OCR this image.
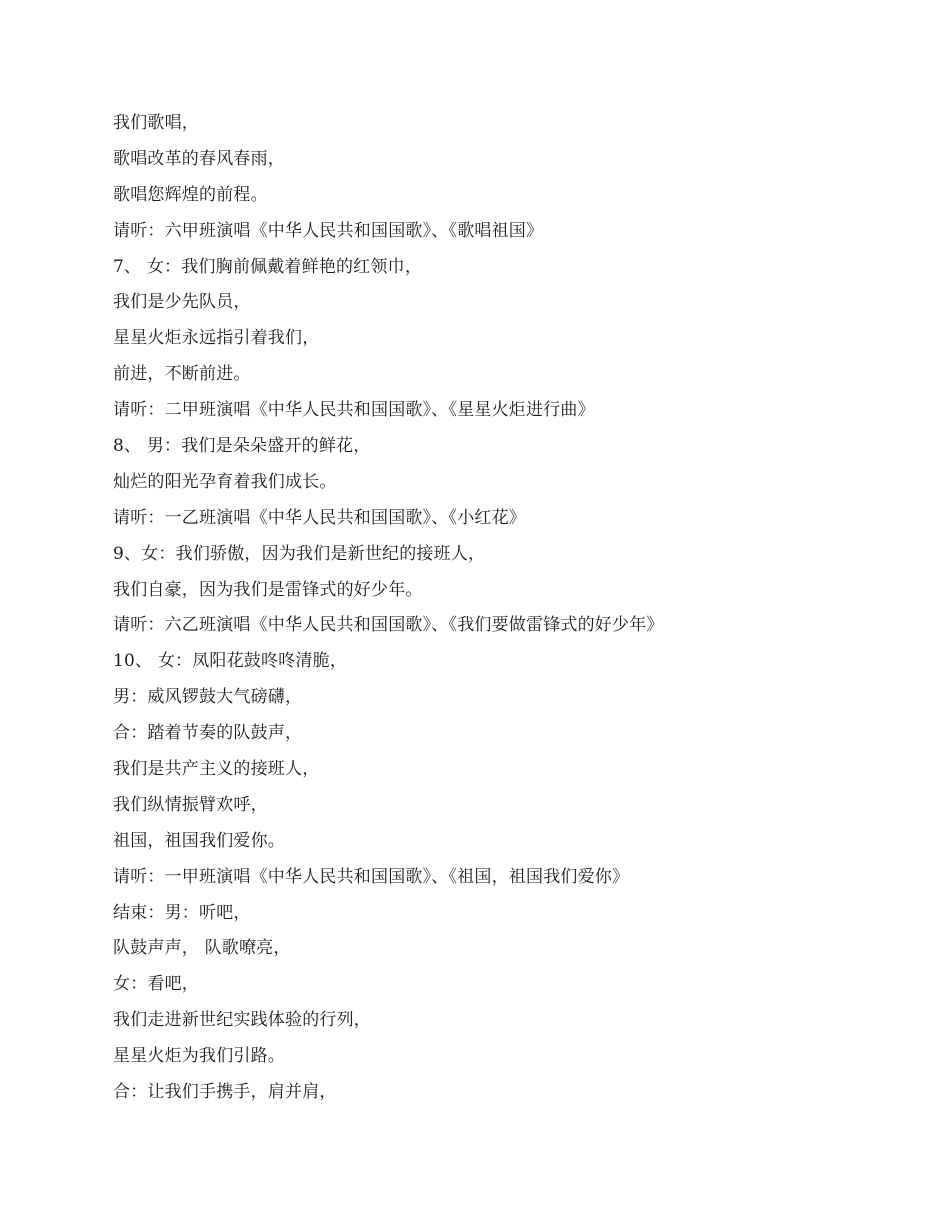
我们歌唱，
歌唱改革的春风春雨，
歌唱您辉煌的前程。
请听：六甲班演唱《中华人民共和国国歌》、《歌唱祖国》
7、 女：我们胸前佩戴着鲜艳的红领巾，
我们是少先队员，
星星火炬永远指引着我们，
前进，不断前进。
请听：二甲班演唱《中华人民共和国国歌》、《星星火炬进行曲》
8、 男：我们是朵朵盛开的鲜花，
灿烂的阳光孕育着我们成长。
请听：一乙班演唱《中华人民共和国国歌》、《小红花》
9、女：我们骄傲，因为我们是新世纪的接班人，
我们自豪，因为我们是雷锋式的好少年。
请听：六乙班演唱《中华人民共和国国歌》、《我们要做雷锋式的好少年》
10、 女：凤阳花鼓咚咚清脆，
男：威风锣鼓大气磅礴，
合：踏着节奏的队鼓声，
我们是共产主义的接班人，
我们纵情振臂欢呼，
祖国，祖国我们爱你。
请听：一甲班演唱《中华人民共和国国歌》、《祖国，祖国我们爱你》
结束：男：听吧，
队鼓声声， 队歌嘹亮，
女：看吧，
我们走进新世纪实践体验的行列，
星星火炬为我们引路。
合：让我们手携手，肩并肩，
